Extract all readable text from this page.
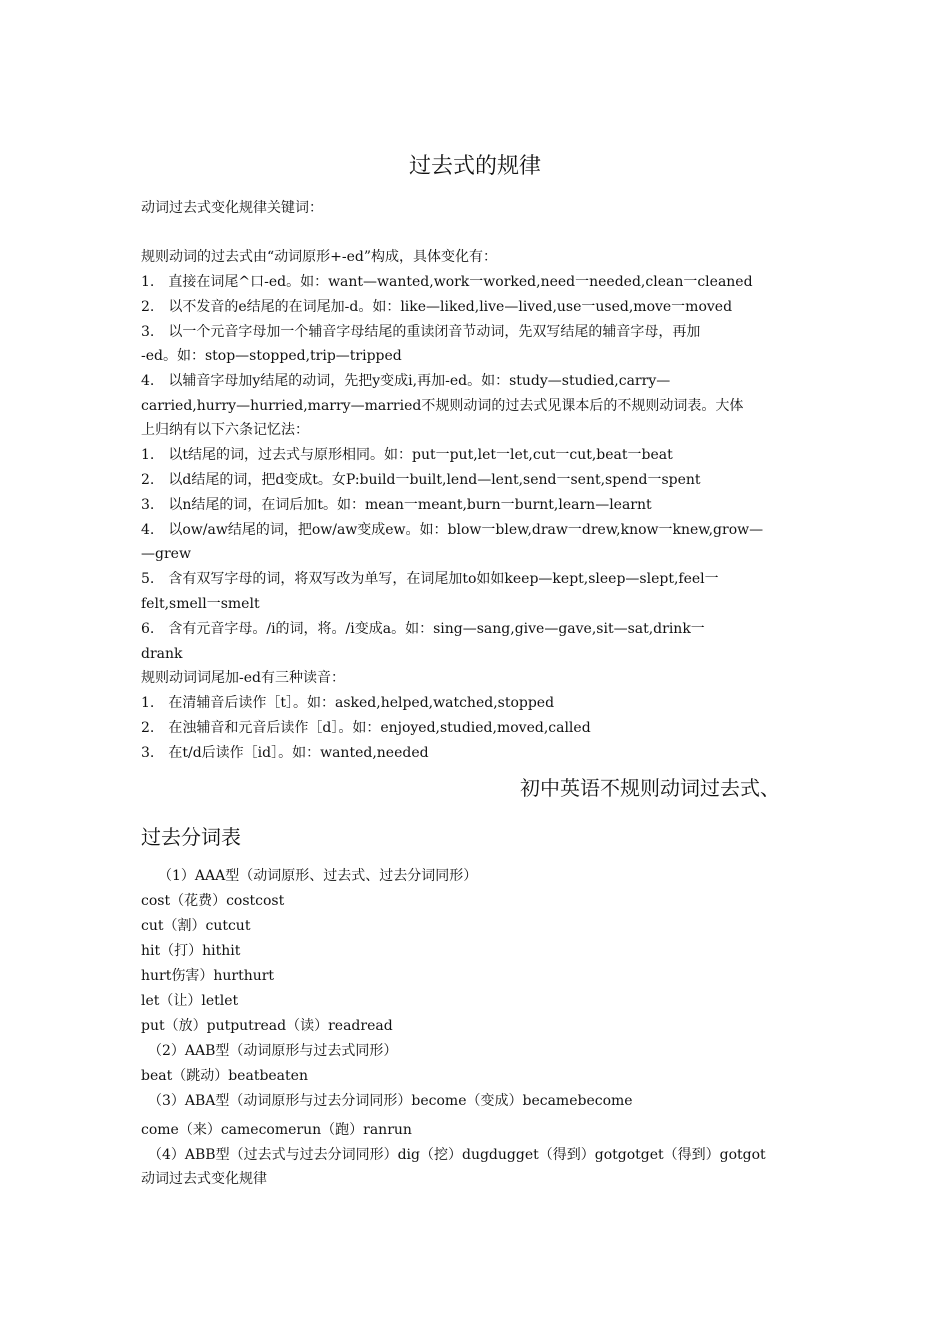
过去式的规律
动词过去式变化规律关键词：
规则动词的过去式由“动词原形+-ed”构成，具体变化有：
1.　直接在词尾^口-ed。如：want—wanted,work一worked,need一needed,clean一cleaned
2.　以不发音的e结尾的在词尾加-d。如：like—liked,live—lived,use一used,move一moved
3.　以一个元音字母加一个辅音字母结尾的重读闭音节动词，先双写结尾的辅音字母，再加
-ed。如：stop—stopped,trip—tripped
4.　以辅音字母加y结尾的动词，先把y变成i,再加-ed。如：study—studied,carry—
carried,hurry—hurried,marry—married不规则动词的过去式见课本后的不规则动词表。大体
上归纳有以下六条记忆法：
1.　以t结尾的词，过去式与原形相同。如：put一put,let一let,cut一cut,beat一beat
2.　以d结尾的词，把d变成t。女P:build一built,lend—lent,send一sent,spend一spent
3.　以n结尾的词，在词后加t。如：mean一meant,burn一burnt,learn—learnt
4.　以ow/aw结尾的词，把ow/aw变成ew。如：blow一blew,draw一drew,know一knew,grow—
—grew
5.　含有双写字母的词，将双写改为单写，在词尾加to如如keep—kept,sleep—slept,feel一
felt,smell一smelt
6.　含有元音字母。/i的词，将。/i变成a。如：sing—sang,give—gave,sit—sat,drink一
drank
规则动词词尾加-ed有三种读音：
1.　在清辅音后读作［t］。如：asked,helped,watched,stopped
2.　在浊辅音和元音后读作［d］。如：enjoyed,studied,moved,called
3.　在t/d后读作［id］。如：wanted,needed
初中英语不规则动词过去式、
过去分词表
（1）AAA型（动词原形、过去式、过去分词同形）
cost（花费）costcost
cut（割）cutcut
hit（打）hithit
hurt伤害）hurthurt
let（让）letlet
put（放）putputread（读）readread
（2）AAB型（动词原形与过去式同形）
beat（跳动）beatbeaten
（3）ABA型（动词原形与过去分词同形）become（变成）becamebecome
come（来）camecomerun（跑）ranrun
（4）ABB型（过去式与过去分词同形）dig（挖）dugdugget（得到）gotgotget（得到）gotgot
动词过去式变化规律
